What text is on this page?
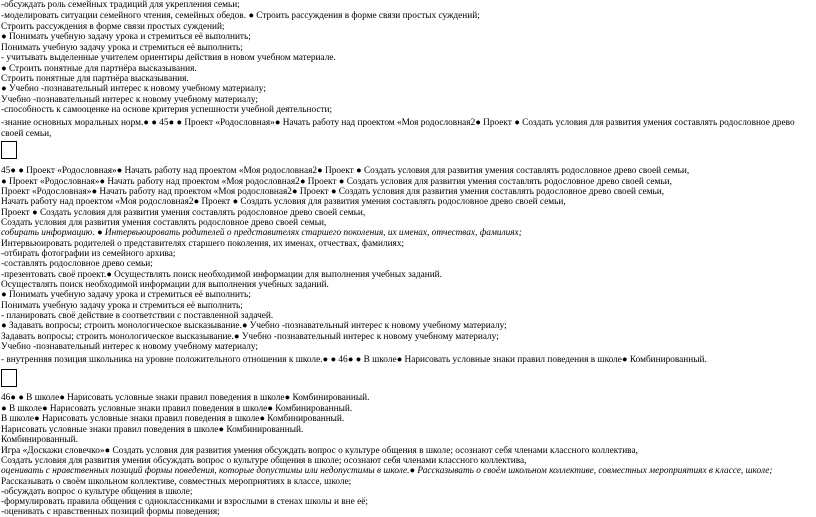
-обсуждать роль семейных традиций для укрепления семьи;
-моделировать ситуации семейного чтения, семейных обедов. ● Строить рассуждения в форме связи простых суждений;
Строить рассуждения в форме связи простых суждений;
● Понимать учебную задачу урока и стремиться её выполнить;
Понимать учебную задачу урока и стремиться её выполнить;
- учитывать выделенные учителем ориентиры действия в новом учебном материале.
● Строить понятные для партнёра высказывания.
Строить понятные для партнёра высказывания.
● Учебно -познавательный интерес к новому учебному материалу;
Учебно -познавательный интерес к новому учебному материалу;
-способность к самооценке на основе критерия успешности учебной деятельности;
-знание основных моральных норм.● ● 45● ● Проект «Родословная»● Начать работу над проектом «Моя родословная2● Проект ● Создать условия для развития умения составлять родословное древо своей семьи,
45● ● Проект «Родословная»● Начать работу над проектом «Моя родословная2● Проект ● Создать условия для развития умения составлять родословное древо своей семьи,
● Проект «Родословная»● Начать работу над проектом «Моя родословная2● Проект ● Создать условия для развития умения составлять родословное древо своей семьи,
Проект «Родословная»● Начать работу над проектом «Моя родословная2● Проект ● Создать условия для развития умения составлять родословное древо своей семьи,
Начать работу над проектом «Моя родословная2● Проект ● Создать условия для развития умения составлять родословное древо своей семьи,
Проект ● Создать условия для развития умения составлять родословное древо своей семьи,
Создать условия для развития умения составлять родословное древо своей семьи,
собирать информацию. ● Интервьюировать родителей о представителях старшего поколения, их именах, отчествах, фамилиях;
Интервьюировать родителей о представителях старшего поколения, их именах, отчествах, фамилиях;
-отбирать фотографии из семейного архива;
-составлять родословное древо семьи;
-презентовать своё проект.● Осуществлять поиск необходимой информации для выполнения учебных заданий.
Осуществлять поиск необходимой информации для выполнения учебных заданий.
● Понимать учебную задачу урока и стремиться её выполнить;
Понимать учебную задачу урока и стремиться её выполнить;
- планировать своё действие в соответствии с поставленной задачей.
● Задавать вопросы; строить монологическое высказывание.● Учебно -познавательный интерес к новому учебному материалу;
Задавать вопросы; строить монологическое высказывание.● Учебно -познавательный интерес к новому учебному материалу;
Учебно -познавательный интерес к новому учебному материалу;
- внутренняя позиция школьника на уровне положительного отношения к школе.● ● 46● ● В школе● Нарисовать условные знаки правил поведения в школе● Комбинированный.
46● ● В школе● Нарисовать условные знаки правил поведения в школе● Комбинированный.
● В школе● Нарисовать условные знаки правил поведения в школе● Комбинированный.
В школе● Нарисовать условные знаки правил поведения в школе● Комбинированный.
Нарисовать условные знаки правил поведения в школе● Комбинированный.
Комбинированный.
Игра «Доскажи словечко»● Создать условия для развития умения обсуждать вопрос о культуре общения в школе; осознают себя членами классного коллектива,
Создать условия для развития умения обсуждать вопрос о культуре общения в школе; осознают себя членами классного коллектива,
оценивать с нравственных позиций формы поведения, которые допустимы или недопустимы в школе.● Рассказывать о своём школьном коллективе, совместных мероприятиях в классе, школе;
Рассказывать о своём школьном коллективе, совместных мероприятиях в классе, школе;
-обсуждать вопрос о культуре общения в школе;
-формулировать правила общения с одноклассниками и взрослыми в стенах школы и вне её;
-оценивать с нравственных позиций формы поведения;
